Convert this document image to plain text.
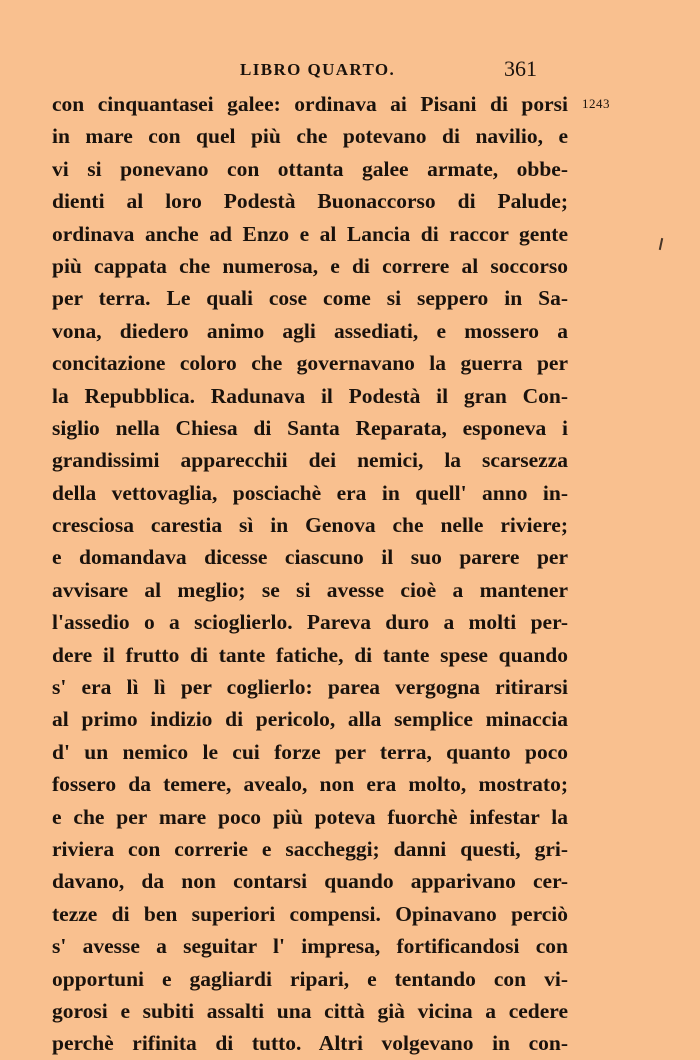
LIBRO QUARTO.	361
1243
con cinquantasei galee: ordinava ai Pisani di porsi
in mare con quel più che potevano di navilio, e
vi si ponevano con ottanta galee armate, obbe-
dienti al loro Podestà Buonaccorso di Palude;
ordinava anche ad Enzo e al Lancia di raccor gente
più cappata che numerosa, e di correre al soccorso
per terra. Le quali cose come si seppero in Sa-
vona, diedero animo agli assediati, e mossero a
concitazione coloro che governavano la guerra per
la Repubblica. Radunava il Podestà il gran Con-
siglio nella Chiesa di Santa Reparata, esponeva i
grandissimi apparecchii dei nemici, la scarsezza
della vettovaglia, posciachè era in quell' anno in-
cresciosa carestia sì in Genova che nelle riviere;
e domandava dicesse ciascuno il suo parere per
avvisare al meglio; se si avesse cioè a mantener
l'assedio o a scioglierlo. Pareva duro a molti per-
dere il frutto di tante fatiche, di tante spese quando
s' era lì lì per coglierlo: parea vergogna ritirarsi
al primo indizio di pericolo, alla semplice minaccia
d' un nemico le cui forze per terra, quanto poco
fossero da temere, avealo, non era molto, mostrato;
e che per mare poco più poteva fuorchè infestar la
riviera con correrie e saccheggi; danni questi, gri-
davano, da non contarsi quando apparivano cer-
tezze di ben superiori compensi. Opinavano perciò
s' avesse a seguitar l' impresa, fortificandosi con
opportuni e gagliardi ripari, e tentando con vi-
gorosi e subiti assalti una città già vicina a cedere
perchè rifinita di tutto. Altri volgevano in con-
